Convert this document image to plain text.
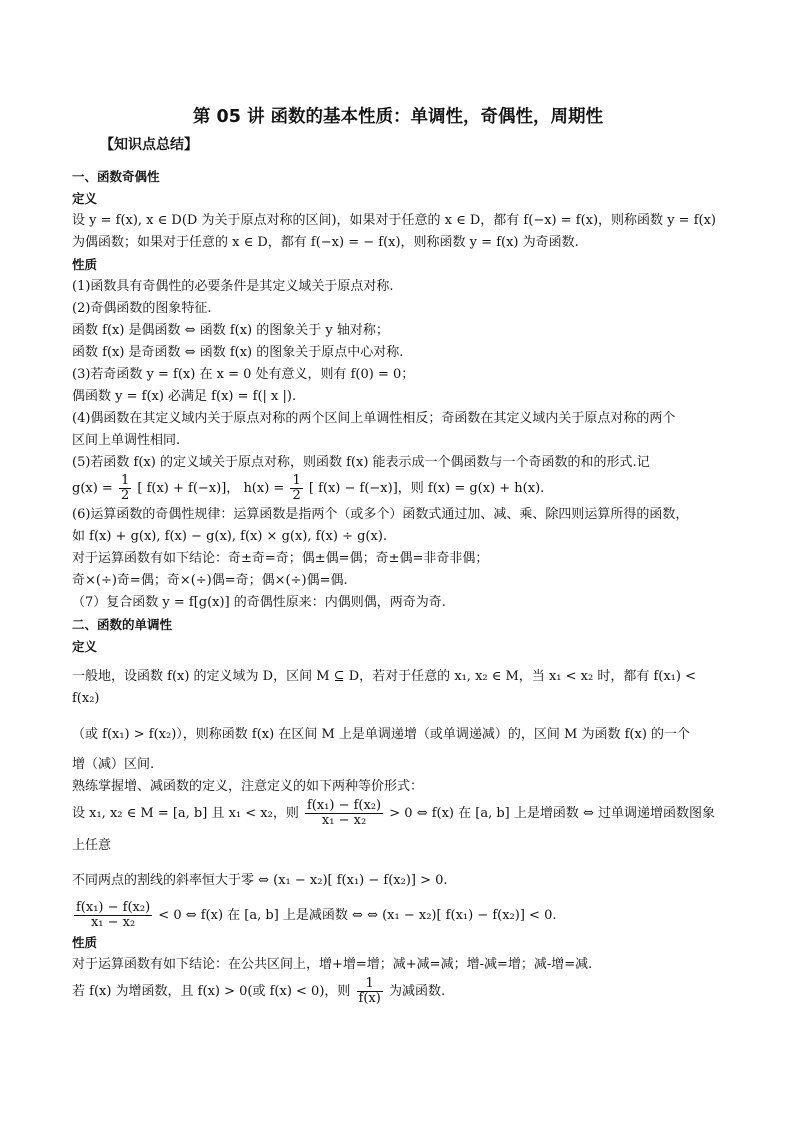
第 05 讲 函数的基本性质：单调性，奇偶性，周期性
【知识点总结】
一、函数奇偶性
定义

设 y = f(x), x ∈ D(D 为关于原点对称的区间)，如果对于任意的 x ∈ D，都有 f(−x) = f(x)，则称函数 y = f(x)

为偶函数；如果对于任意的 x ∈ D，都有 f(−x) = − f(x)，则称函数 y = f(x) 为奇函数.

性质

(1)函数具有奇偶性的必要条件是其定义域关于原点对称.

(2)奇偶函数的图象特征.

函数 f(x) 是偶函数 ⇔ 函数 f(x) 的图象关于 y 轴对称；

函数 f(x) 是奇函数 ⇔ 函数 f(x) 的图象关于原点中心对称.

(3)若奇函数 y = f(x) 在 x = 0 处有意义，则有 f(0) = 0；

偶函数 y = f(x) 必满足 f(x) = f(| x |).

(4)偶函数在其定义域内关于原点对称的两个区间上单调性相反；奇函数在其定义域内关于原点对称的两个

区间上单调性相同.

(5)若函数 f(x) 的定义域关于原点对称，则函数 f(x) 能表示成一个偶函数与一个奇函数的和的形式.记

$g(x) = \frac{1}{2}$ [ f(x) + f(−x)]， $h(x) = \frac{1}{2}$ [ f(x) − f(−x)]，则 f(x) = g(x) + h(x).

(6)运算函数的奇偶性规律：运算函数是指两个（或多个）函数式通过加、减、乘、除四则运算所得的函数，

如 f(x) + g(x), f(x) − g(x), f(x) × g(x), f(x) ÷ g(x).

对于运算函数有如下结论：奇±奇=奇；偶±偶=偶；奇±偶=非奇非偶；

奇×(÷)奇=偶；奇×(÷)偶=奇；偶×(÷)偶=偶.

（7）复合函数 y = f[g(x)] 的奇偶性原来：内偶则偶，两奇为奇.

二、函数的单调性
定义

一般地，设函数 f(x) 的定义域为 D，区间 M ⊆ D，若对于任意的 x₁, x₂ ∈ M，当 x₁ < x₂ 时，都有 f(x₁) < f(x₂)

（或 f(x₁) > f(x₂)），则称函数 f(x) 在区间 M 上是单调递增（或单调递减）的，区间 M 为函数 f(x) 的一个

增（减）区间.

熟练掌握增、减函数的定义，注意定义的如下两种等价形式：

设 x₁, x₂ ∈ M = [a, b] 且 x₁ < x₂，则 $\frac{\text{f(x₁) − f(x₂)}}{\text{x₁ − x₂}} > 0$ ⇔ f(x) 在 [a, b] 上是增函数 ⇔ 过单调递增函数图象上任意

不同两点的割线的斜率恒大于零 ⇔ (x₁ − x₂)[ f(x₁) − f(x₂)] > 0.

$\frac{\text{f(x₁) − f(x₂)}}{\text{x₁ − x₂}} < 0$ ⇔ f(x) 在 [a, b] 上是减函数 ⇔ ⇔ (x₁ − x₂)[ f(x₁) − f(x₂)] < 0.

性质

对于运算函数有如下结论：在公共区间上，增+增=增；减+减=减；增-减=增；减-增=减.

若 f(x) 为增函数，且 f(x) > 0(或 f(x) < 0)，则 $\frac{1}{f(x)}$ 为减函数.
